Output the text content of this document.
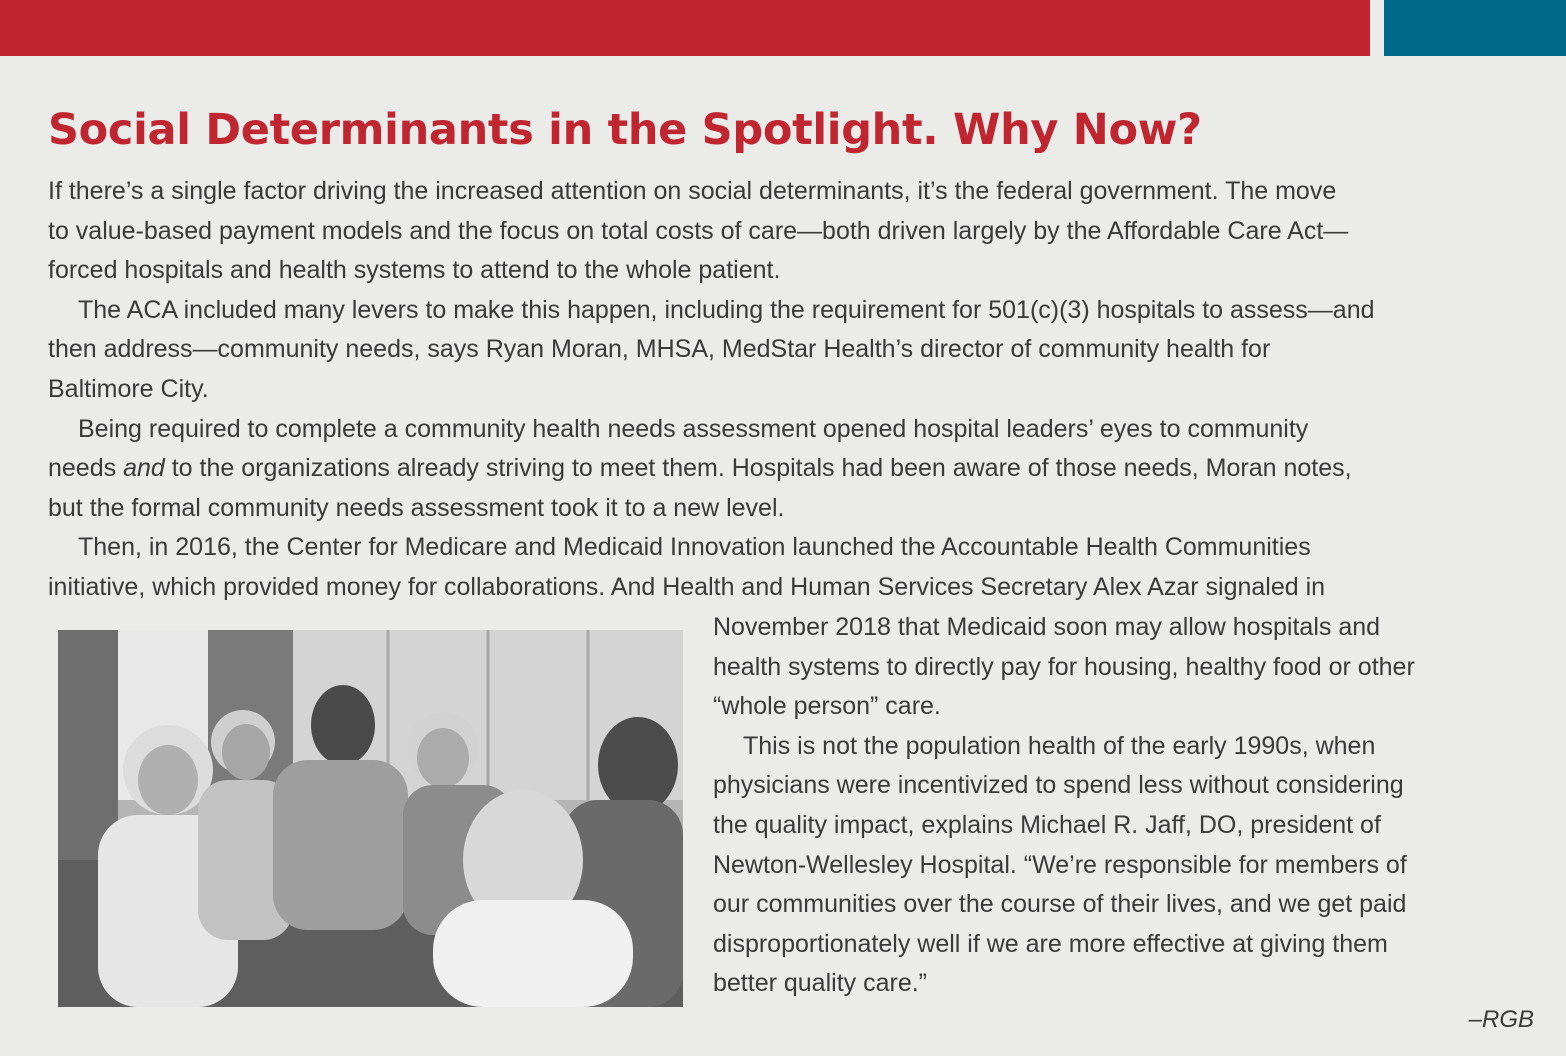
Social Determinants in the Spotlight. Why Now?

If there’s a single factor driving the increased attention on social determinants, it’s the federal government. The move

to value-based payment models and the focus on total costs of care—both driven largely by the Affordable Care Act—

forced hospitals and health systems to attend to the whole patient.

The ACA included many levers to make this happen, including the requirement for 501(c)(3) hospitals to assess—and

then address—community needs, says Ryan Moran, MHSA, MedStar Health’s director of community health for

Baltimore City.

Being required to complete a community health needs assessment opened hospital leaders’ eyes to community

needs and to the organizations already striving to meet them. Hospitals had been aware of those needs, Moran notes,

but the formal community needs assessment took it to a new level.

Then, in 2016, the Center for Medicare and Medicaid Innovation launched the Accountable Health Communities

initiative, which provided money for collaborations. And Health and Human Services Secretary Alex Azar signaled in

November 2018 that Medicaid soon may allow hospitals and

health systems to directly pay for housing, healthy food or other

“whole person” care.

This is not the population health of the early 1990s, when

physicians were incentivized to spend less without considering

the quality impact, explains Michael R. Jaff, DO, president of

Newton-Wellesley Hospital. “We’re responsible for members of

our communities over the course of their lives, and we get paid

disproportionately well if we are more effective at giving them

better quality care.”

–RGB
